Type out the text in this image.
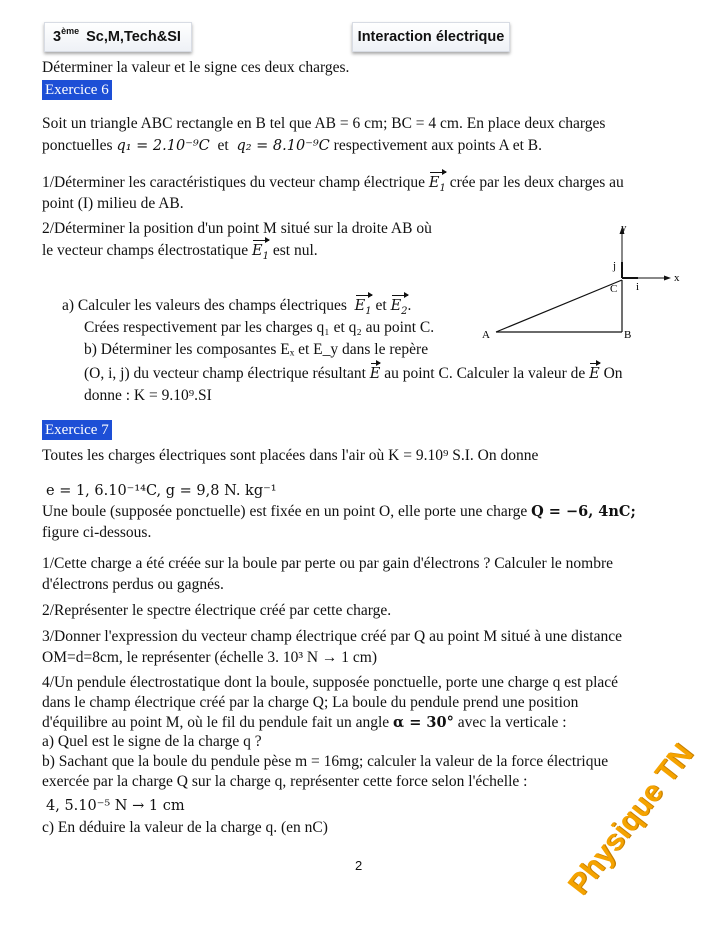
3ème Sc,M,Tech&SI	Interaction électrique
Déterminer la valeur et le signe ces deux charges.
Exercice 6
Soit un triangle ABC rectangle en B tel que AB = 6 cm; BC = 4 cm. En place deux charges
ponctuelles q₁ = 2.10⁻⁹C et q₂ = 8.10⁻⁹C respectivement aux points A et B.
1/Déterminer les caractéristiques du vecteur champ électrique $E_1$ crée par les deux charges au
point (I) milieu de AB.
2/Déterminer la position d'un point M situé sur la droite AB où
le vecteur champs électrostatique $E_1$ est nul.
a) Calculer les valeurs des champs électriques $E_1$ et $E_2$.
Crées respectivement par les charges q₁ et q₂ au point C.
b) Déterminer les composantes Eₓ et E_y dans le repère
(O, i, j) du vecteur champ électrique résultant E au point C. Calculer la valeur de E On
donne : K = 9.10⁹.SI
A	B
C
x
y
i
j
Exercice 7
Toutes les charges électriques sont placées dans l'air où K = 9.10⁹ S.I. On donne
e = 1, 6.10⁻¹⁴C, g = 9,8 N. kg⁻¹
Une boule (supposée ponctuelle) est fixée en un point O, elle porte une charge Q = −6, 4nC;
figure ci-dessous.
1/Cette charge a été créée sur la boule par perte ou par gain d'électrons ? Calculer le nombre
d'électrons perdus ou gagnés.
2/Représenter le spectre électrique créé par cette charge.
3/Donner l'expression du vecteur champ électrique créé par Q au point M situé à une distance
OM=d=8cm, le représenter (échelle 3. 10³ N → 1 cm)
4/Un pendule électrostatique dont la boule, supposée ponctuelle, porte une charge q est placé
dans le champ électrique créé par la charge Q; La boule du pendule prend une position
d'équilibre au point M, où le fil du pendule fait un angle α = 30° avec la verticale :
a) Quel est le signe de la charge q ?
b) Sachant que la boule du pendule pèse m = 16mg; calculer la valeur de la force électrique
exercée par la charge Q sur la charge q, représenter cette force selon l'échelle :
4, 5.10⁻⁵ N → 1 cm
c) En déduire la valeur de la charge q. (en nC)
2	Physique TN
